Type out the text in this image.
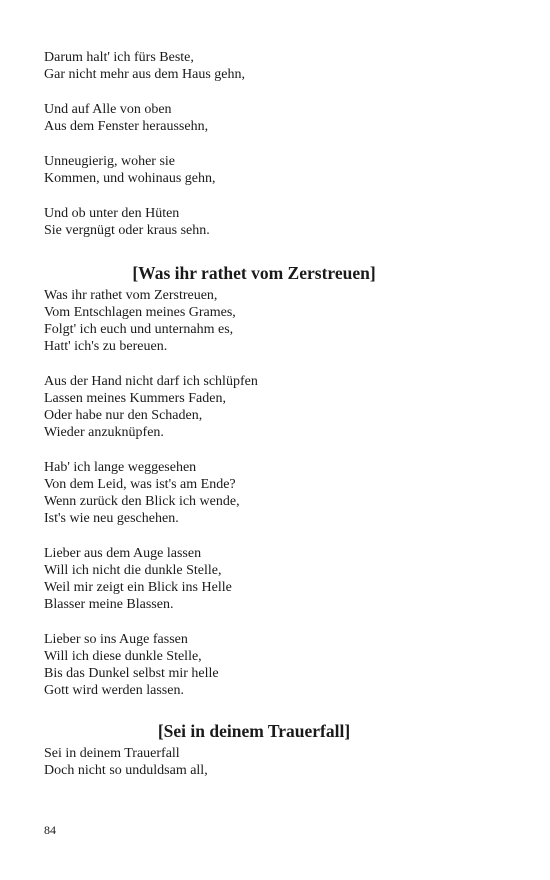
Darum halt' ich fürs Beste,
Gar nicht mehr aus dem Haus gehn,
Und auf Alle von oben
Aus dem Fenster heraussehn,
Unneugierig, woher sie
Kommen, und wohinaus gehn,
Und ob unter den Hüten
Sie vergnügt oder kraus sehn.
[Was ihr rathet vom Zerstreuen]
Was ihr rathet vom Zerstreuen,
Vom Entschlagen meines Grames,
Folgt' ich euch und unternahm es,
Hatt' ich's zu bereuen.
Aus der Hand nicht darf ich schlüpfen
Lassen meines Kummers Faden,
Oder habe nur den Schaden,
Wieder anzuknüpfen.
Hab' ich lange weggesehen
Von dem Leid, was ist's am Ende?
Wenn zurück den Blick ich wende,
Ist's wie neu geschehen.
Lieber aus dem Auge lassen
Will ich nicht die dunkle Stelle,
Weil mir zeigt ein Blick ins Helle
Blasser meine Blassen.
Lieber so ins Auge fassen
Will ich diese dunkle Stelle,
Bis das Dunkel selbst mir helle
Gott wird werden lassen.
[Sei in deinem Trauerfall]
Sei in deinem Trauerfall
Doch nicht so unduldsam all,
84
